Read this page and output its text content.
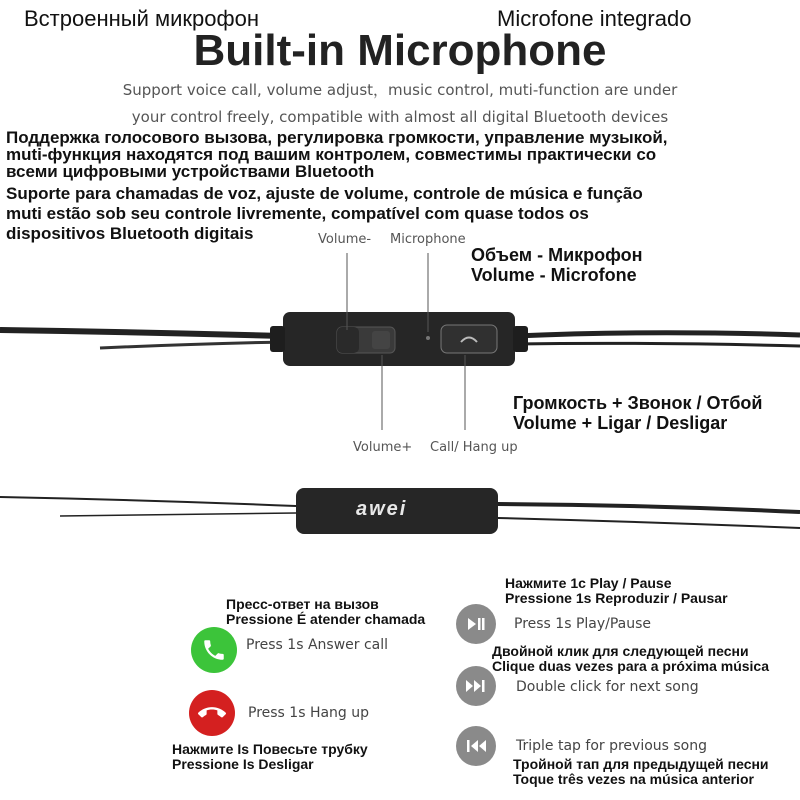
Встроенный микрофон	Microfone integrado
Built-in Microphone
Support voice call, volume adjust，music control, muti-function are under
your control freely, compatible with almost all digital Bluetooth devices
Поддержка голосового вызова, регулировка громкости, управление музыкой,
muti-функция находятся под вашим контролем, совместимы практически со
всеми цифровыми устройствами Bluetooth
Suporte para chamadas de voz, ajuste de volume, controle de música e função
muti estão sob seu controle livremente, compatível com quase todos os
dispositivos Bluetooth digitais	Volume- Microphone
Объем - Микрофон
Volume - Microfone
Volume+ Call/ Hang up
Громкость + Звонок / Отбой
Volume + Ligar / Desligar
awei
Пресс-ответ на вызов
Pressione É atender chamada
Press 1s Answer call
Press 1s Hang up
Нажмите Is Повесьте трубку
Pressione Is Desligar
Нажмите 1с Play / Pause
Pressione 1s Reproduzir / Pausar
Press 1s Play/Pause
Двойной клик для следующей песни
Clique duas vezes para a próxima música
Double click for next song
Triple tap for previous song
Тройной тап для предыдущей песни
Toque três vezes na música anterior
